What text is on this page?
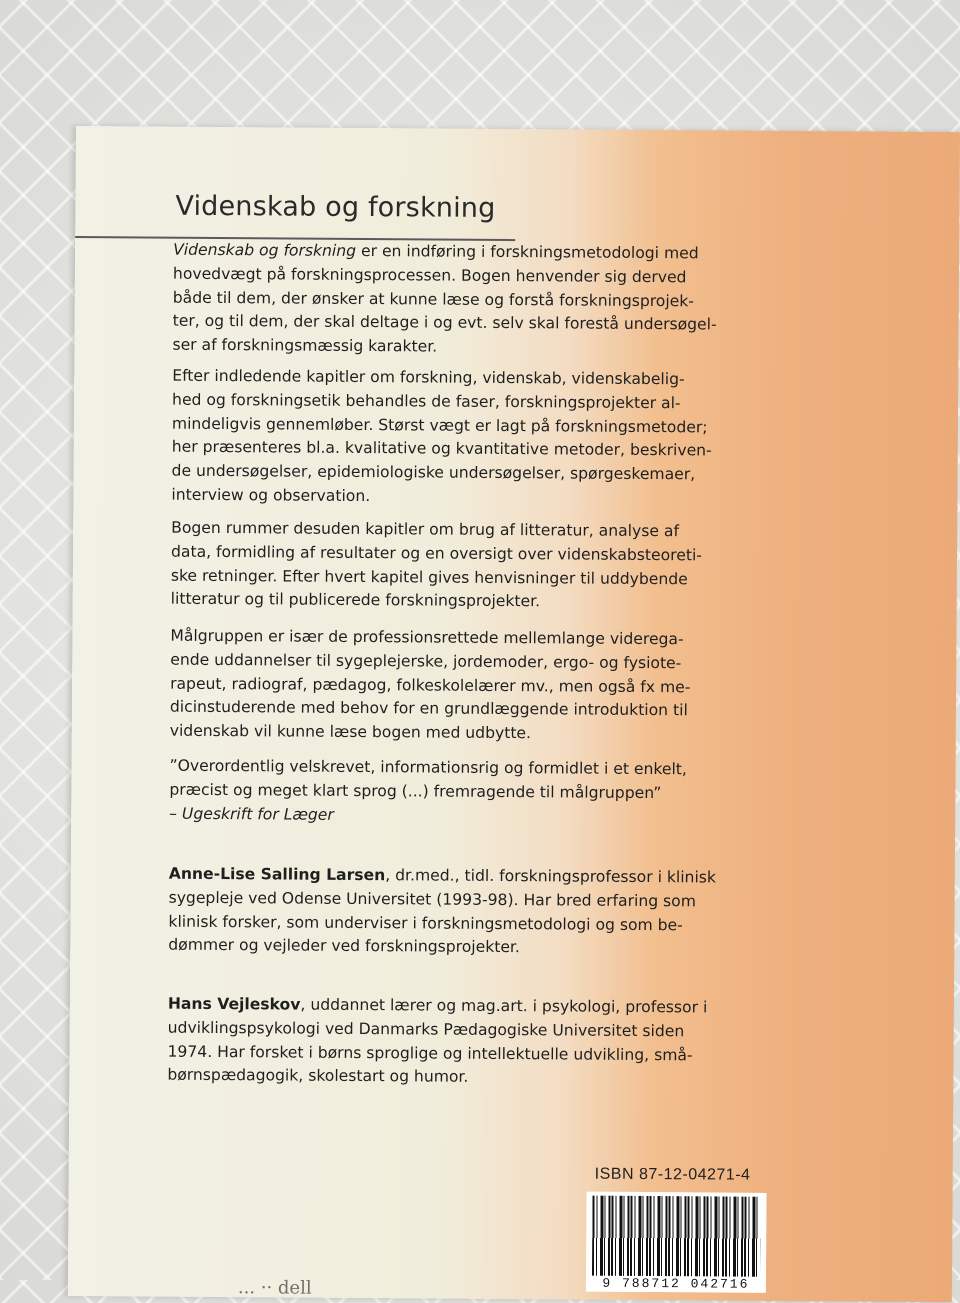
Videnskab og forskning
Videnskab og forskning er en indføring i forskningsmetodologi med
hovedvægt på forskningsprocessen. Bogen henvender sig derved
både til dem, der ønsker at kunne læse og forstå forskningsprojek-
ter, og til dem, der skal deltage i og evt. selv skal forestå undersøgel-
ser af forskningsmæssig karakter.
Efter indledende kapitler om forskning, videnskab, videnskabelig-
hed og forskningsetik behandles de faser, forskningsprojekter al-
mindeligvis gennemløber. Størst vægt er lagt på forskningsmetoder;
her præsenteres bl.a. kvalitative og kvantitative metoder, beskriven-
de undersøgelser, epidemiologiske undersøgelser, spørgeskemaer,
interview og observation.
Bogen rummer desuden kapitler om brug af litteratur, analyse af
data, formidling af resultater og en oversigt over videnskabsteoreti-
ske retninger. Efter hvert kapitel gives henvisninger til uddybende
litteratur og til publicerede forskningsprojekter.
Målgruppen er især de professionsrettede mellemlange viderega-
ende uddannelser til sygeplejerske, jordemoder, ergo- og fysiote-
rapeut, radiograf, pædagog, folkeskolelærer mv., men også fx me-
dicinstuderende med behov for en grundlæggende introduktion til
videnskab vil kunne læse bogen med udbytte.
”Overordentlig velskrevet, informationsrig og formidlet i et enkelt,
præcist og meget klart sprog (...) fremragende til målgruppen”
– Ugeskrift for Læger
Anne-Lise Salling Larsen, dr.med., tidl. forskningsprofessor i klinisk
sygepleje ved Odense Universitet (1993-98). Har bred erfaring som
klinisk forsker, som underviser i forskningsmetodologi og som be-
dømmer og vejleder ved forskningsprojekter.
Hans Vejleskov, uddannet lærer og mag.art. i psykologi, professor i
udviklingspsykologi ved Danmarks Pædagogiske Universitet siden
1974. Har forsket i børns sproglige og intellektuelle udvikling, små-
børnspædagogik, skolestart og humor.
ISBN 87-12-04271-4
9 788712 042716
... ·· dell
